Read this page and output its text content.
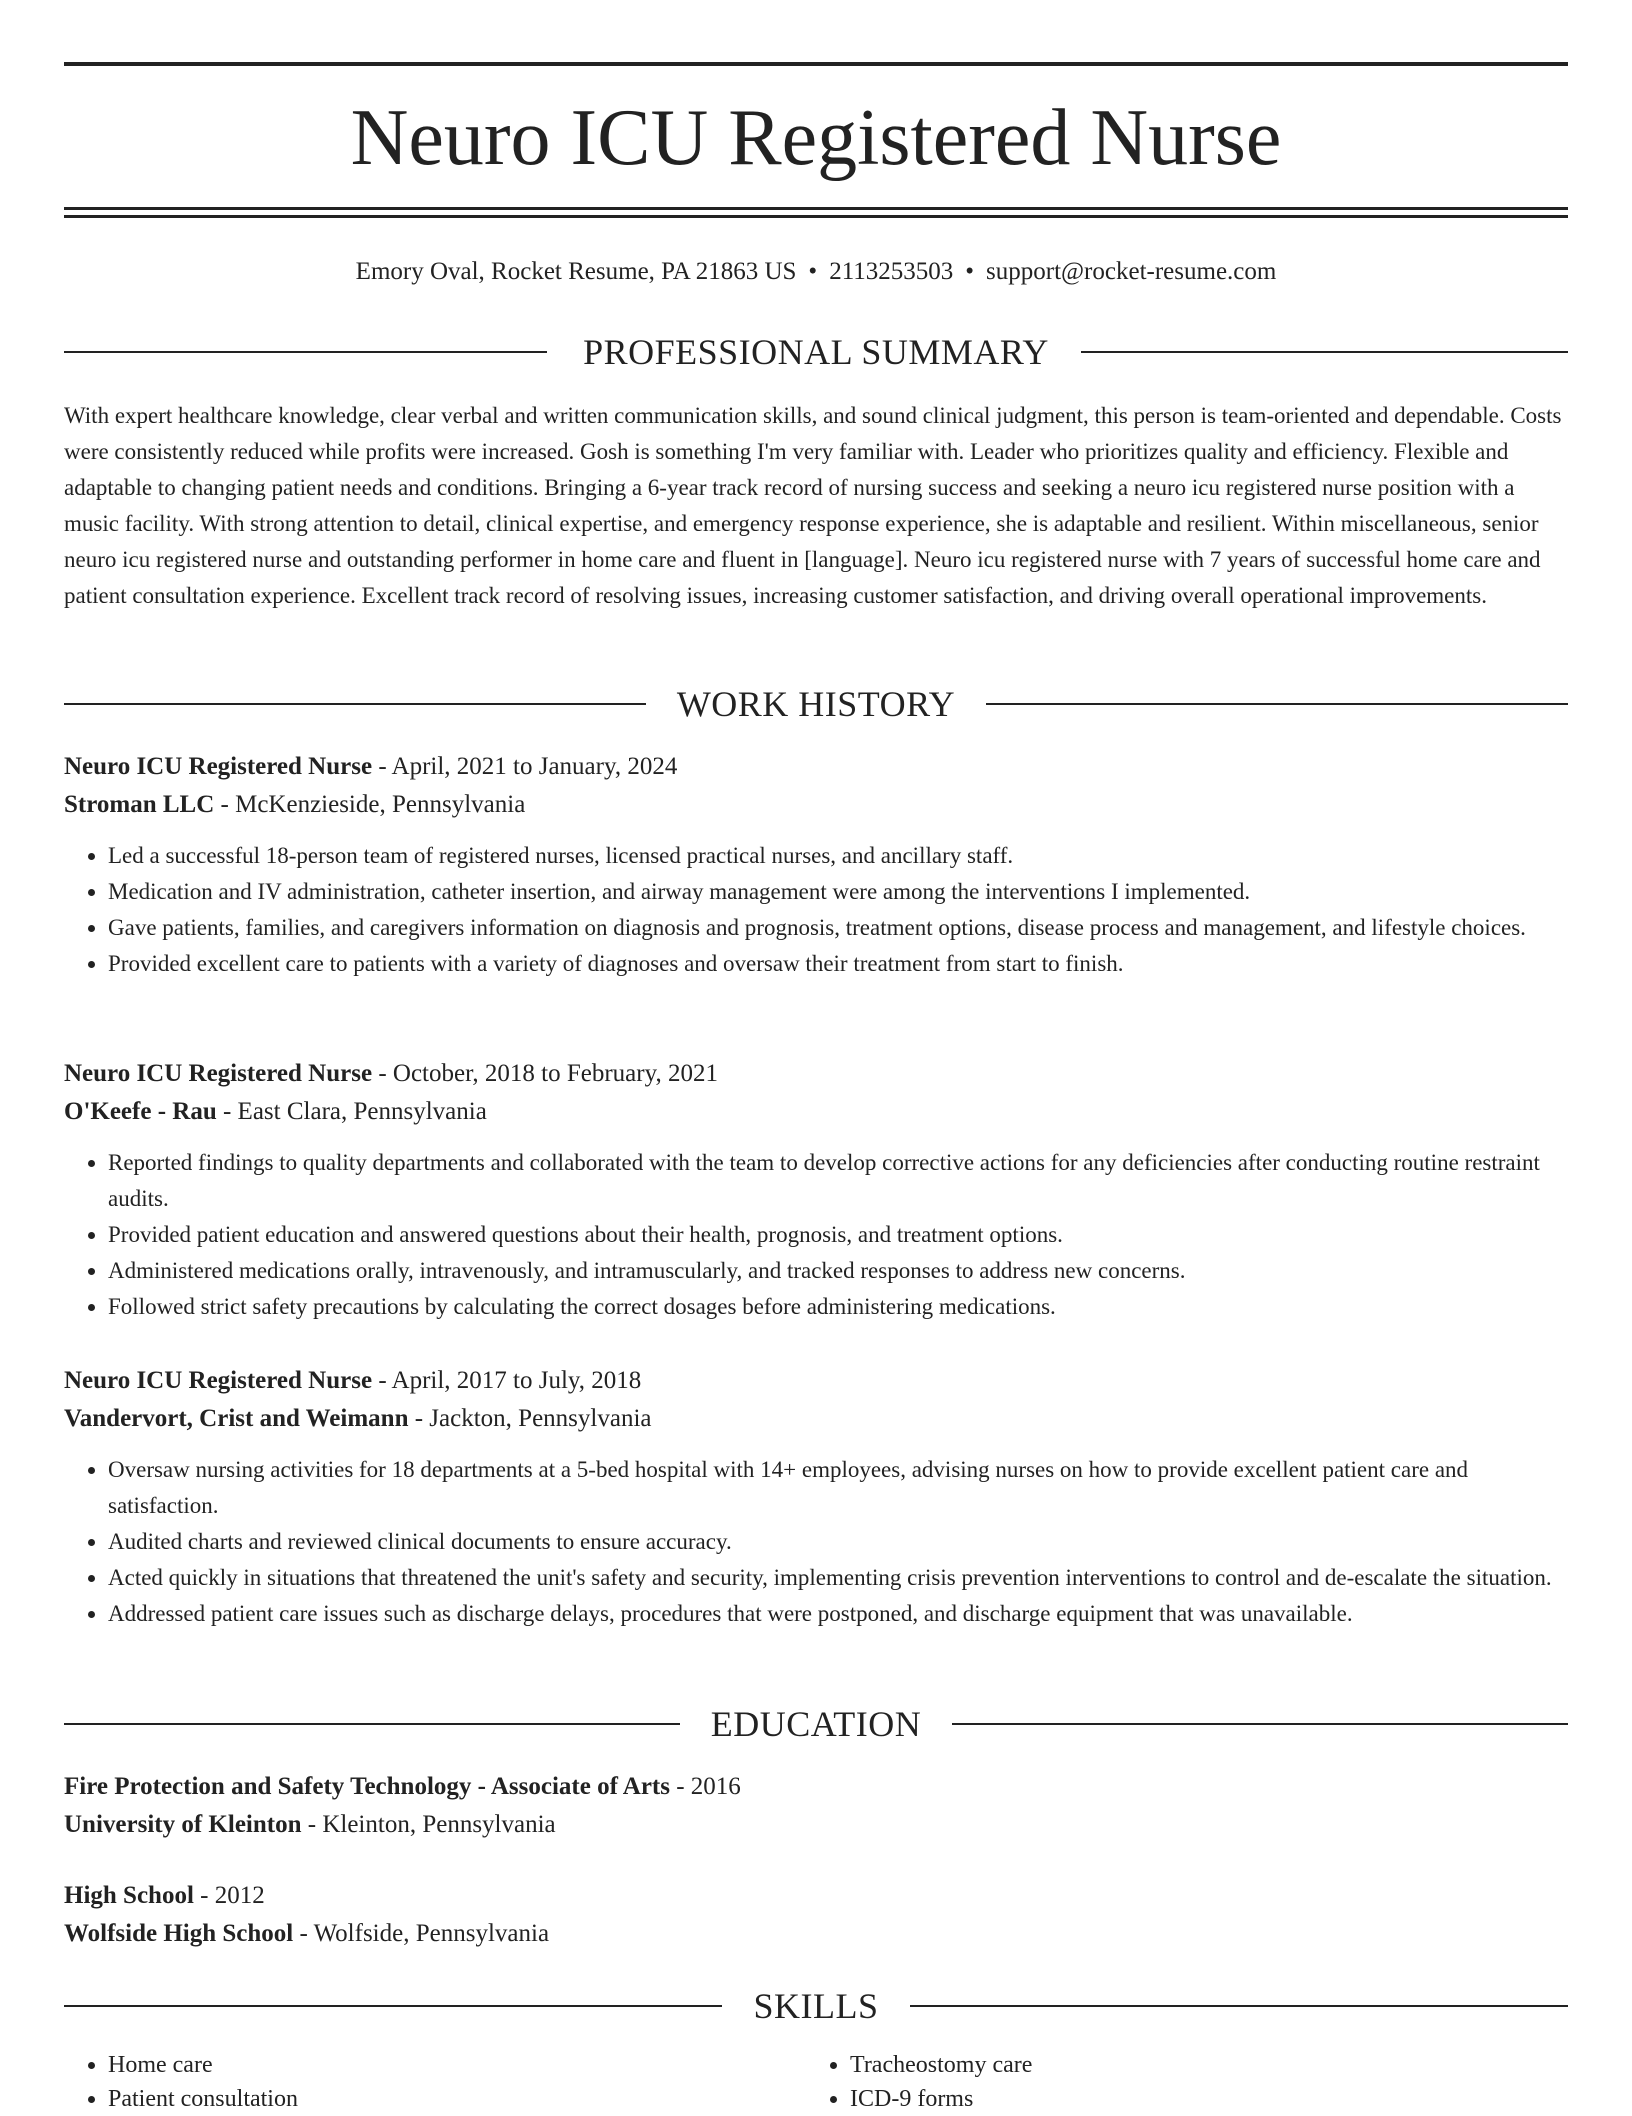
Neuro ICU Registered Nurse
Emory Oval, Rocket Resume, PA 21863 US • 2113253503 • support@rocket-resume.com
PROFESSIONAL SUMMARY

With expert healthcare knowledge, clear verbal and written communication skills, and sound clinical judgment, this person is team-oriented and dependable. Costs were consistently reduced while profits were increased. Gosh is something I'm very familiar with. Leader who prioritizes quality and efficiency. Flexible and adaptable to changing patient needs and conditions. Bringing a 6-year track record of nursing success and seeking a neuro icu registered nurse position with a music facility. With strong attention to detail, clinical expertise, and emergency response experience, she is adaptable and resilient. Within miscellaneous, senior neuro icu registered nurse and outstanding performer in home care and fluent in [language]. Neuro icu registered nurse with 7 years of successful home care and patient consultation experience. Excellent track record of resolving issues, increasing customer satisfaction, and driving overall operational improvements.

WORK HISTORY
Neuro ICU Registered Nurse - April, 2021 to January, 2024
Stroman LLC - McKenzieside, Pennsylvania
• Led a successful 18-person team of registered nurses, licensed practical nurses, and ancillary staff.
• Medication and IV administration, catheter insertion, and airway management were among the interventions I implemented.
• Gave patients, families, and caregivers information on diagnosis and prognosis, treatment options, disease process and management, and lifestyle choices.
• Provided excellent care to patients with a variety of diagnoses and oversaw their treatment from start to finish.
Neuro ICU Registered Nurse - October, 2018 to February, 2021
O'Keefe - Rau - East Clara, Pennsylvania
• Reported findings to quality departments and collaborated with the team to develop corrective actions for any deficiencies after conducting routine restraint audits.
• Provided patient education and answered questions about their health, prognosis, and treatment options.
• Administered medications orally, intravenously, and intramuscularly, and tracked responses to address new concerns.
• Followed strict safety precautions by calculating the correct dosages before administering medications.
Neuro ICU Registered Nurse - April, 2017 to July, 2018
Vandervort, Crist and Weimann - Jackton, Pennsylvania
• Oversaw nursing activities for 18 departments at a 5-bed hospital with 14+ employees, advising nurses on how to provide excellent patient care and satisfaction.
• Audited charts and reviewed clinical documents to ensure accuracy.
• Acted quickly in situations that threatened the unit's safety and security, implementing crisis prevention interventions to control and de-escalate the situation.
• Addressed patient care issues such as discharge delays, procedures that were postponed, and discharge equipment that was unavailable.
EDUCATION
Fire Protection and Safety Technology - Associate of Arts - 2016
University of Kleinton - Kleinton, Pennsylvania
High School - 2012
Wolfside High School - Wolfside, Pennsylvania
SKILLS
• Home care
• Patient consultation
• Tracheostomy care
• ICD-9 forms
